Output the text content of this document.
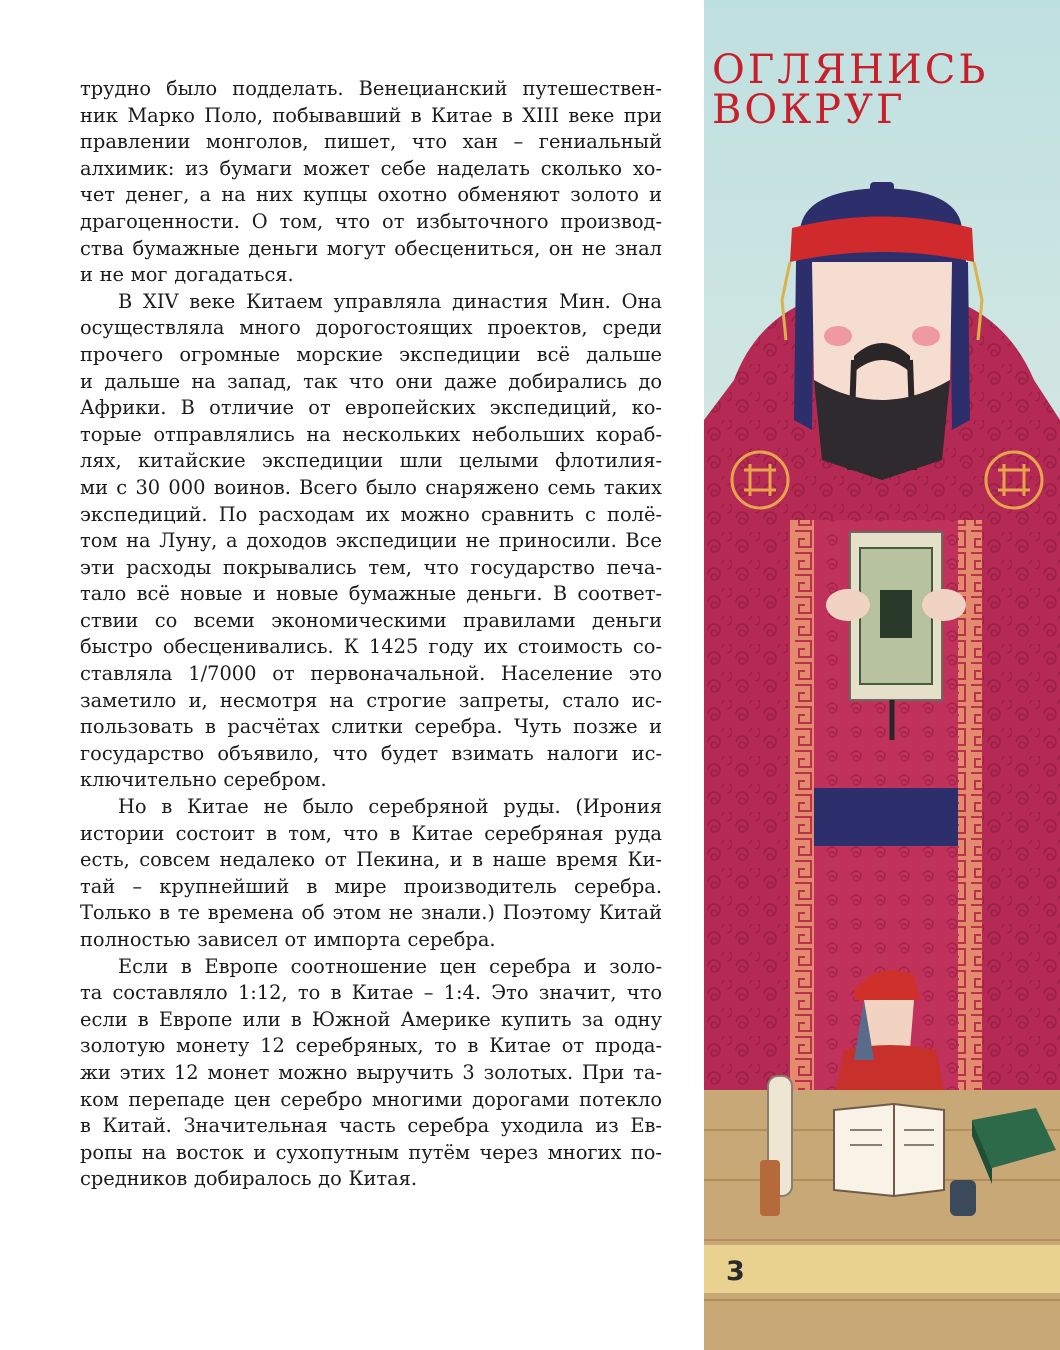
трудно было подделать. Венецианский путешествен-

ник Марко Поло, побывавший в Китае в XIII веке при

правлении монголов, пишет, что хан – гениальный

алхимик: из бумаги может себе наделать сколько хо-

чет денег, а на них купцы охотно обменяют золото и

драгоценности. О том, что от избыточного производ-

ства бумажные деньги могут обесцениться, он не знал

и не мог догадаться.

В XIV веке Китаем управляла династия Мин. Она

осуществляла много дорогостоящих проектов, среди

прочего огромные морские экспедиции всё дальше

и дальше на запад, так что они даже добирались до

Африки. В отличие от европейских экспедиций, ко-

торые отправлялись на нескольких небольших кораб-

лях, китайские экспедиции шли целыми флотилия-

ми с 30 000 воинов. Всего было снаряжено семь таких

экспедиций. По расходам их можно сравнить с полё-

том на Луну, а доходов экспедиции не приносили. Все

эти расходы покрывались тем, что государство печа-

тало всё новые и новые бумажные деньги. В соответ-

ствии со всеми экономическими правилами деньги

быстро обесценивались. К 1425 году их стоимость со-

ставляла 1/7000 от первоначальной. Население это

заметило и, несмотря на строгие запреты, стало ис-

пользовать в расчётах слитки серебра. Чуть позже и

государство объявило, что будет взимать налоги ис-

ключительно серебром.

Но в Китае не было серебряной руды. (Ирония

истории состоит в том, что в Китае серебряная руда

есть, совсем недалеко от Пекина, и в наше время Ки-

тай – крупнейший в мире производитель серебра.

Только в те времена об этом не знали.) Поэтому Китай

полностью зависел от импорта серебра.

Если в Европе соотношение цен серебра и золо-

та составляло 1:12, то в Китае – 1:4. Это значит, что

если в Европе или в Южной Америке купить за одну

золотую монету 12 серебряных, то в Китае от прода-

жи этих 12 монет можно выручить 3 золотых. При та-

ком перепаде цен серебро многими дорогами потекло

в Китай. Значительная часть серебра уходила из Ев-

ропы на восток и сухопутным путём через многих по-

средников добиралось до Китая.

ОГЛЯНИСЬ
ВОКРУГ
3
